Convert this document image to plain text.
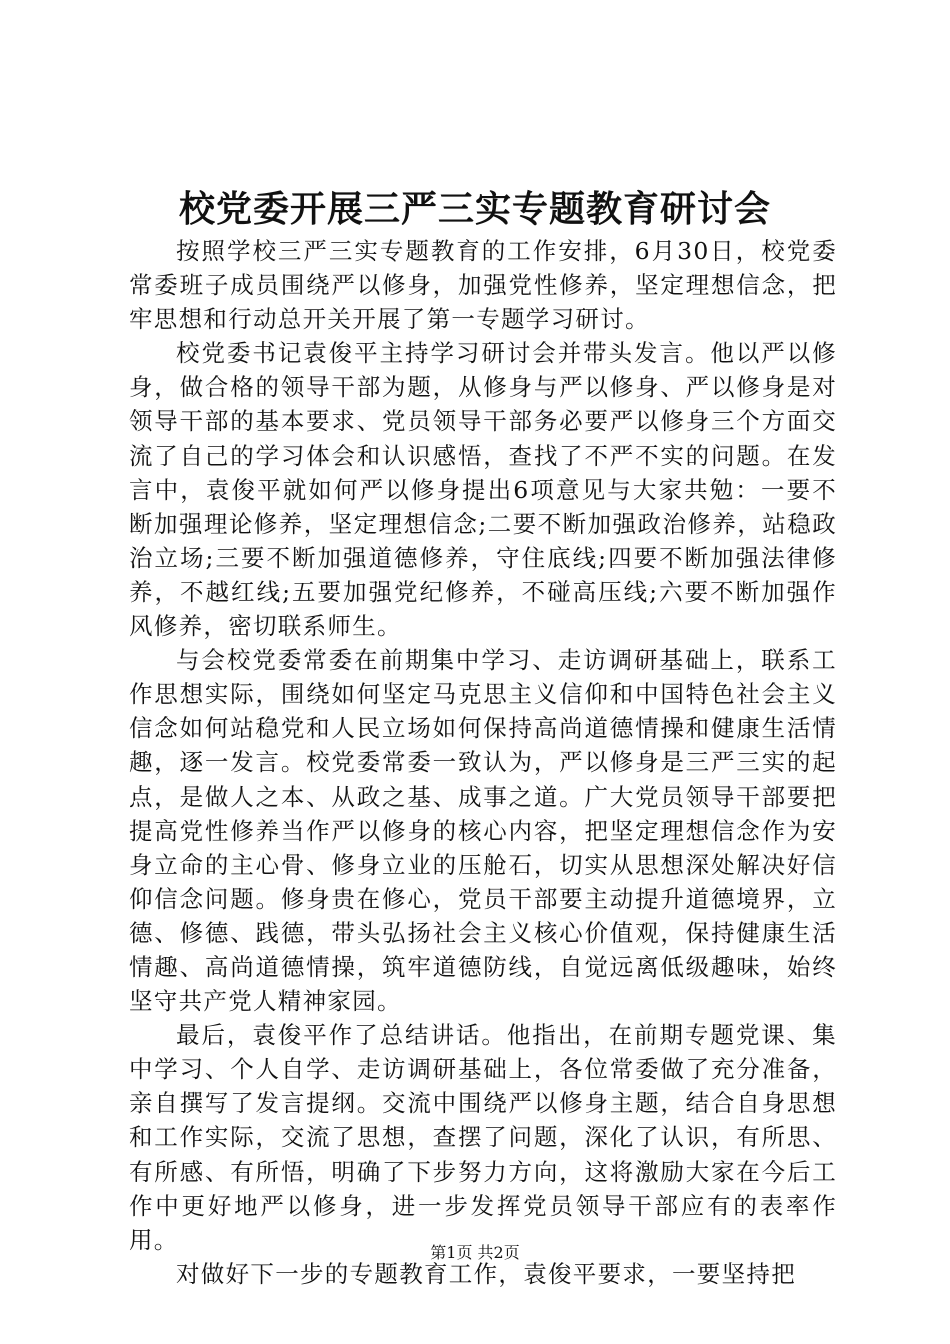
校党委开展三严三实专题教育研讨会

按照学校三严三实专题教育的工作安排，6月30日，校党委常委班子成员围绕严以修身，加强党性修养，坚定理想信念，把牢思想和行动总开关开展了第一专题学习研讨。

校党委书记袁俊平主持学习研讨会并带头发言。他以严以修身，做合格的领导干部为题，从修身与严以修身、严以修身是对领导干部的基本要求、党员领导干部务必要严以修身三个方面交流了自己的学习体会和认识感悟，查找了不严不实的问题。在发言中，袁俊平就如何严以修身提出6项意见与大家共勉：一要不断加强理论修养，坚定理想信念;二要不断加强政治修养，站稳政治立场;三要不断加强道德修养，守住底线;四要不断加强法律修养，不越红线;五要加强党纪修养，不碰高压线;六要不断加强作风修养，密切联系师生。

与会校党委常委在前期集中学习、走访调研基础上，联系工作思想实际，围绕如何坚定马克思主义信仰和中国特色社会主义信念如何站稳党和人民立场如何保持高尚道德情操和健康生活情趣，逐一发言。校党委常委一致认为，严以修身是三严三实的起点，是做人之本、从政之基、成事之道。广大党员领导干部要把提高党性修养当作严以修身的核心内容，把坚定理想信念作为安身立命的主心骨、修身立业的压舱石，切实从思想深处解决好信仰信念问题。修身贵在修心，党员干部要主动提升道德境界，立德、修德、践德，带头弘扬社会主义核心价值观，保持健康生活情趣、高尚道德情操，筑牢道德防线，自觉远离低级趣味，始终坚守共产党人精神家园。

最后，袁俊平作了总结讲话。他指出，在前期专题党课、集中学习、个人自学、走访调研基础上，各位常委做了充分准备，亲自撰写了发言提纲。交流中围绕严以修身主题，结合自身思想和工作实际，交流了思想，查摆了问题，深化了认识，有所思、有所感、有所悟，明确了下步努力方向，这将激励大家在今后工作中更好地严以修身，进一步发挥党员领导干部应有的表率作用。

对做好下一步的专题教育工作，袁俊平要求，一要坚持把

第1页 共2页
